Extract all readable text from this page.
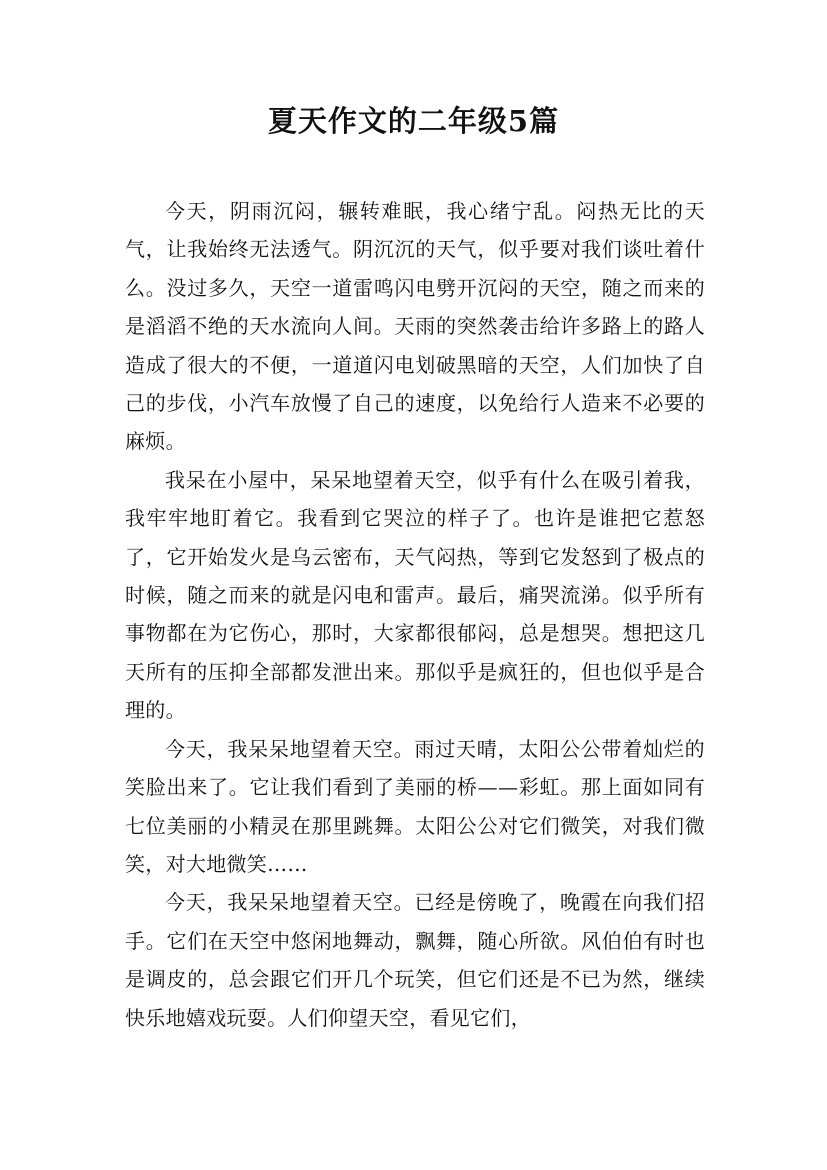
夏天作文的二年级5篇

今天，阴雨沉闷，辗转难眠，我心绪宁乱。闷热无比的天气，让我始终无法透气。阴沉沉的天气，似乎要对我们谈吐着什么。没过多久，天空一道雷鸣闪电劈开沉闷的天空，随之而来的是滔滔不绝的天水流向人间。天雨的突然袭击给许多路上的路人造成了很大的不便，一道道闪电划破黑暗的天空，人们加快了自己的步伐，小汽车放慢了自己的速度，以免给行人造来不必要的麻烦。

我呆在小屋中，呆呆地望着天空，似乎有什么在吸引着我，我牢牢地盯着它。我看到它哭泣的样子了。也许是谁把它惹怒了，它开始发火是乌云密布，天气闷热，等到它发怒到了极点的时候，随之而来的就是闪电和雷声。最后，痛哭流涕。似乎所有事物都在为它伤心，那时，大家都很郁闷，总是想哭。想把这几天所有的压抑全部都发泄出来。那似乎是疯狂的，但也似乎是合理的。

今天，我呆呆地望着天空。雨过天晴，太阳公公带着灿烂的笑脸出来了。它让我们看到了美丽的桥——彩虹。那上面如同有七位美丽的小精灵在那里跳舞。太阳公公对它们微笑，对我们微笑，对大地微笑……

今天，我呆呆地望着天空。已经是傍晚了，晚霞在向我们招手。它们在天空中悠闲地舞动，飘舞，随心所欲。风伯伯有时也是调皮的，总会跟它们开几个玩笑，但它们还是不已为然，继续快乐地嬉戏玩耍。人们仰望天空，看见它们，
